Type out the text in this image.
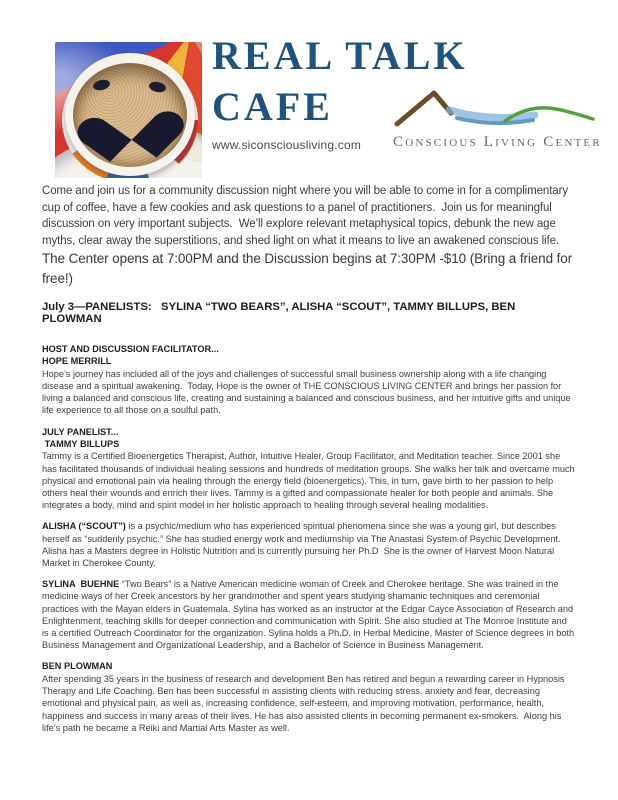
REAL TALK
CAFE
www.siconsciousliving.com	Conscious Living Center

Come and join us for a community discussion night where you will be able to come in for a complimentary cup of coffee, have a few cookies and ask questions to a panel of practitioners.  Join us for meaningful discussion on very important subjects.  We’ll explore relevant metaphysical topics, debunk the new age myths, clear away the superstitions, and shed light on what it means to live an awakened conscious life. The Center opens at 7:00PM and the Discussion begins at 7:30PM -$10 (Bring a friend for free!)

July 3—PANELISTS:   SYLINA “TWO BEARS”, ALISHA “SCOUT”, TAMMY BILLUPS, BEN PLOWMAN

HOST AND DISCUSSION FACILITATOR...

HOPE MERRILL

Hope’s journey has included all of the joys and challenges of successful small business ownership along with a life changing disease and a spiritual awakening.  Today, Hope is the owner of THE CONSCIOUS LIVING CENTER and brings her passion for living a balanced and conscious life, creating and sustaining a balanced and conscious business, and her intuitive gifts and unique life experience to all those on a soulful path.

JULY PANELIST...

TAMMY BILLUPS

Tammy is a Certified Bioenergetics Therapist, Author, Intuitive Healer, Group Facilitator, and Meditation teacher. Since 2001 she has facilitated thousands of individual healing sessions and hundreds of meditation groups. She walks her talk and overcame much physical and emotional pain via healing through the energy field (bioenergetics). This, in turn, gave birth to her passion to help others heal their wounds and enrich their lives. Tammy is a gifted and compassionate healer for both people and animals. She integrates a body, mind and spirit model in her holistic approach to healing through several healing modalities.

ALISHA (“SCOUT”) is a psychic/medium who has experienced spiritual phenomena since she was a young girl, but describes herself as “suddenly psychic.” She has studied energy work and mediumship via The Anastasi System of Psychic Development. Alisha has a Masters degree in Holistic Nutrition and is currently pursuing her Ph.D  She is the owner of Harvest Moon Natural Market in Cherokee County.

SYLINA  BUEHNE “Two Bears” is a Native American medicine woman of Creek and Cherokee heritage. She was trained in the medicine ways of her Creek ancestors by her grandmother and spent years studying shamanic techniques and ceremonial practices with the Mayan elders in Guatemala. Sylina has worked as an instructor at the Edgar Cayce Association of Research and Enlightenment, teaching skills for deeper connection and communication with Spirit. She also studied at The Monroe Institute and is a certified Outreach Coordinator for the organization. Sylina holds a Ph.D. in Herbal Medicine, Master of Science degrees in both Business Management and Organizational Leadership, and a Bachelor of Science in Business Management.

BEN PLOWMAN

After spending 35 years in the business of research and development Ben has retired and begun a rewarding career in Hypnosis Therapy and Life Coaching. Ben has been successful in assisting clients with reducing stress, anxiety and fear, decreasing emotional and physical pain, as well as, increasing confidence, self-esteem, and improving motivation, performance, health, happiness and success in many areas of their lives. He has also assisted clients in becoming permanent ex-smokers.  Along his life’s path he became a Reiki and Martial Arts Master as well.
